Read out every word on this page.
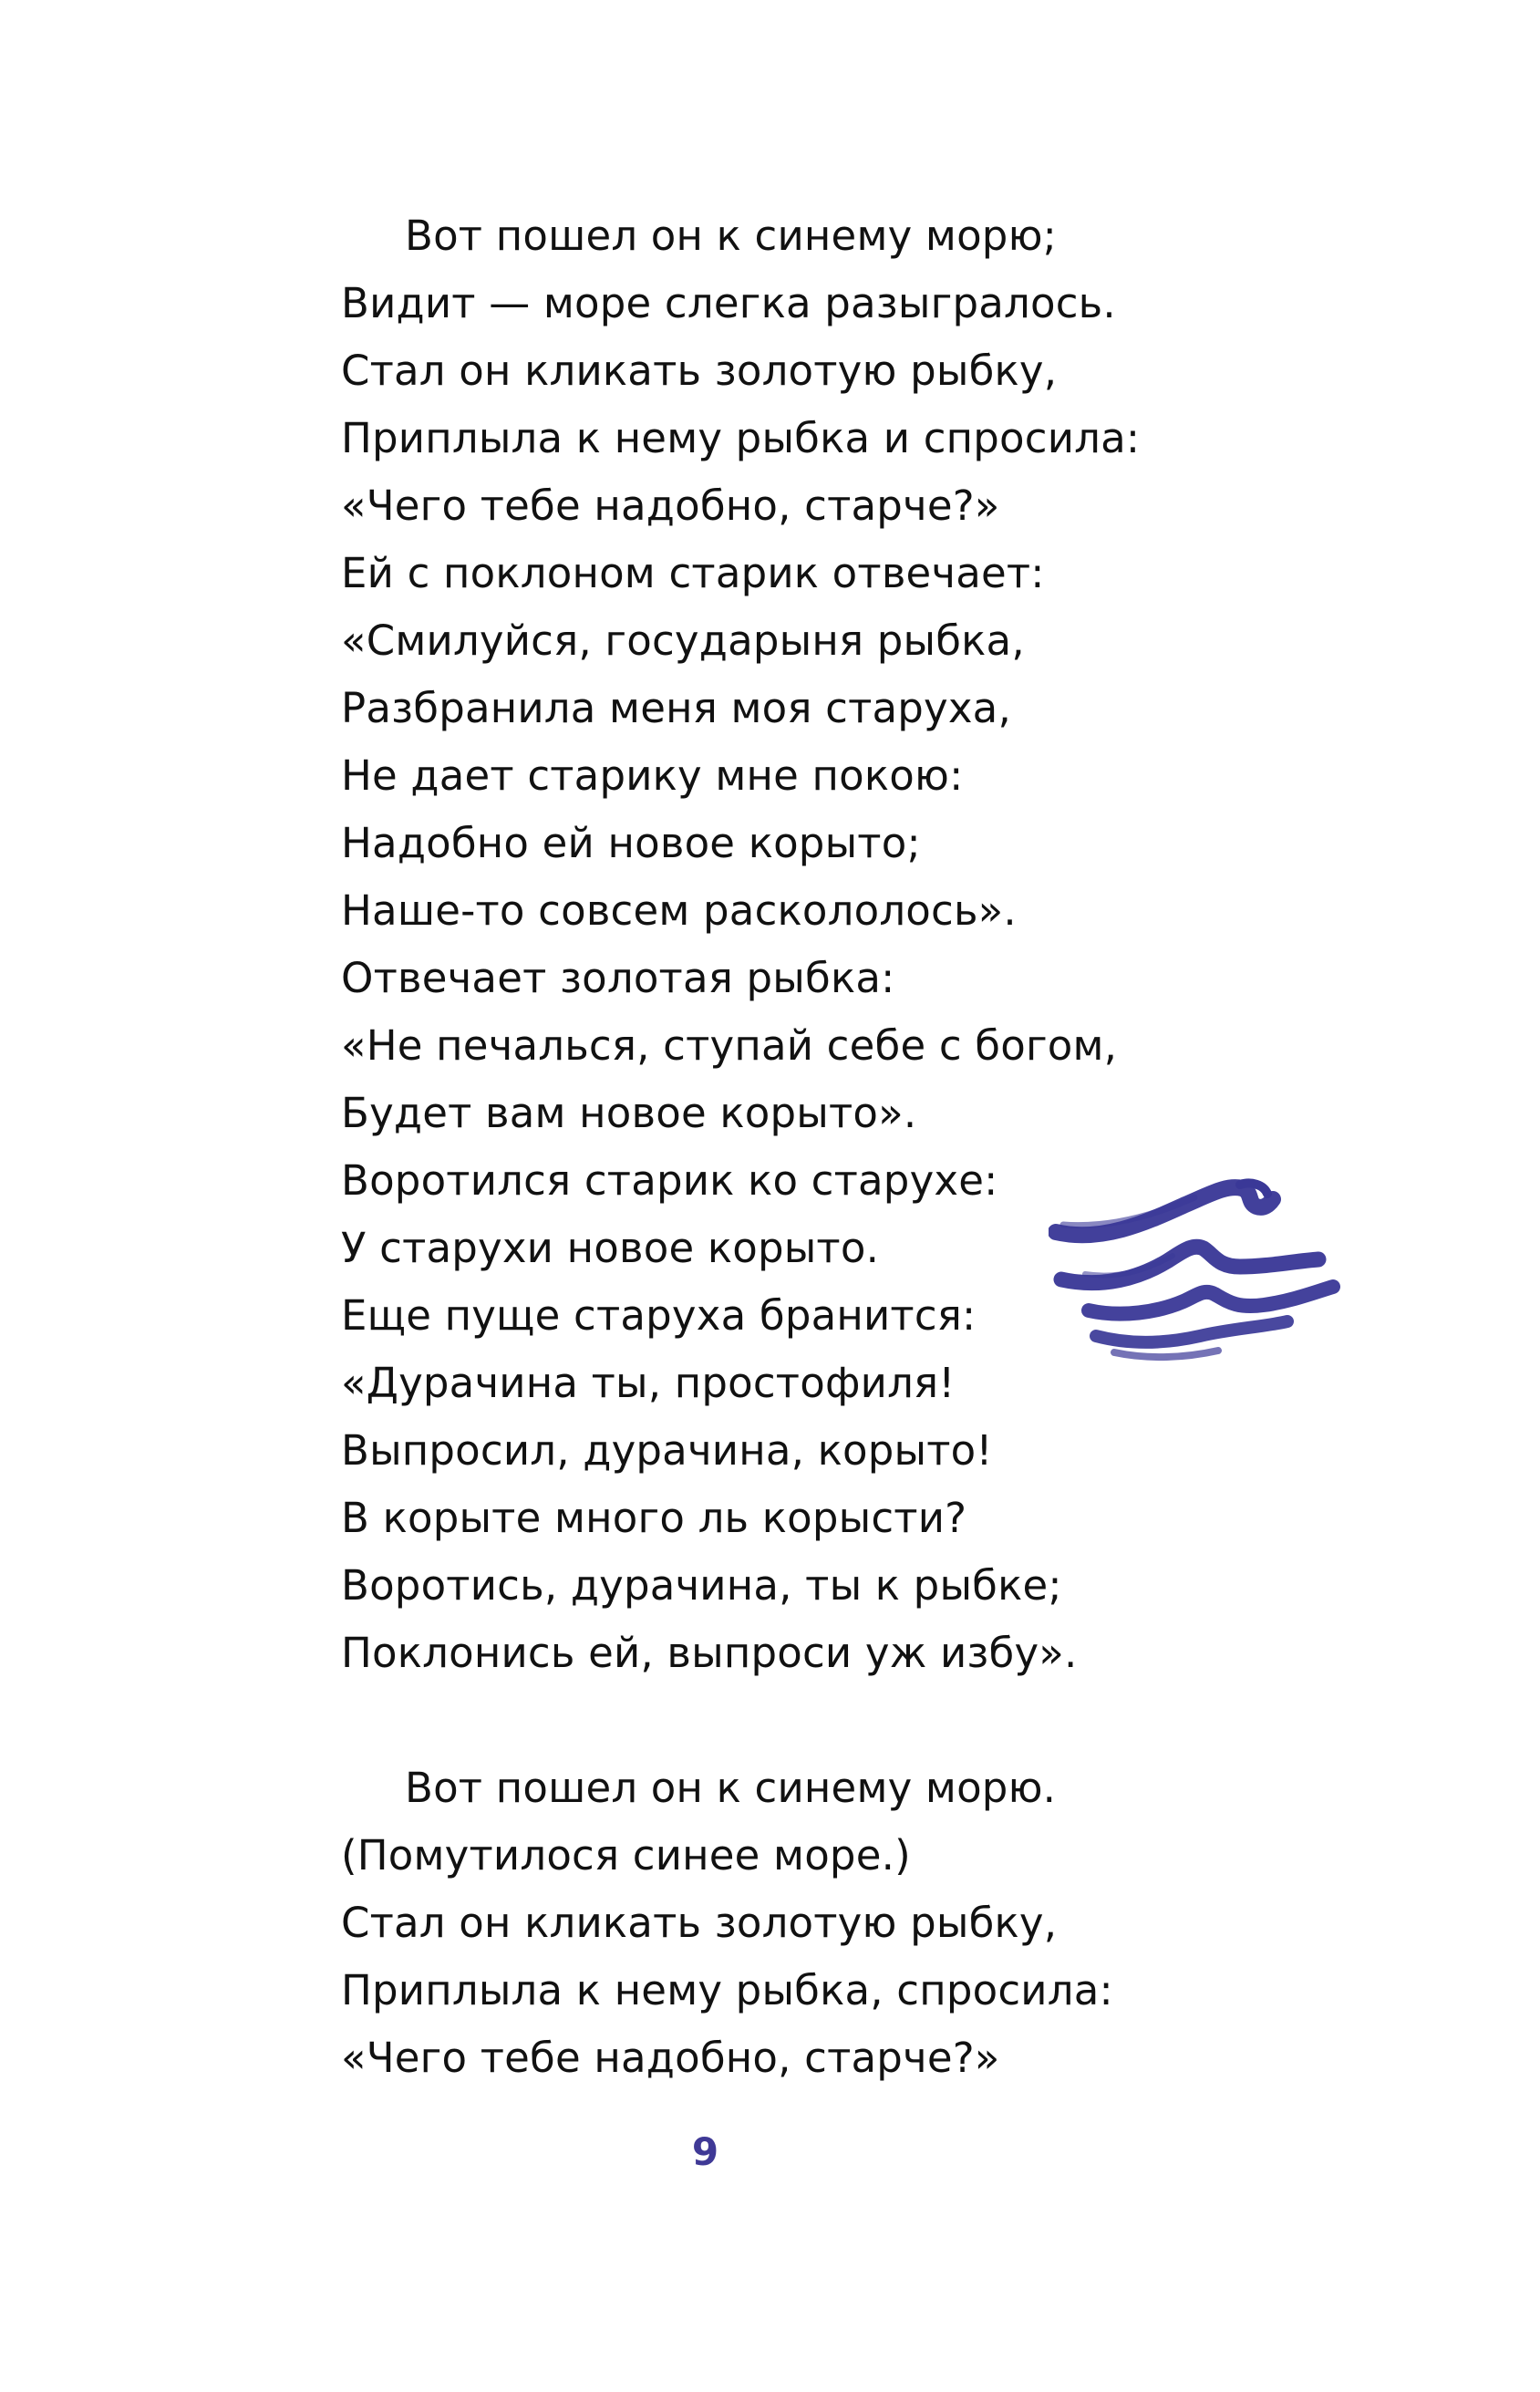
Вот пошел он к синему морю;
Видит — море слегка разыгралось.
Стал он кликать золотую рыбку,
Приплыла к нему рыбка и спросила:
«Чего тебе надобно, старче?»
Ей с поклоном старик отвечает:
«Смилуйся, государыня рыбка,
Разбранила меня моя старуха,
Не дает старику мне покою:
Надобно ей новое корыто;
Наше-то совсем раскололось».
Отвечает золотая рыбка:
«Не печалься, ступай себе с богом,
Будет вам новое корыто».
Воротился старик ко старухе:
У старухи новое корыто.
Еще пуще старуха бранится:
«Дурачина ты, простофиля!
Выпросил, дурачина, корыто!
В корыте много ль корысти?
Воротись, дурачина, ты к рыбке;
Поклонись ей, выпроси уж избу».
Вот пошел он к синему морю.
(Помутилося синее море.)
Стал он кликать золотую рыбку,
Приплыла к нему рыбка, спросила:
«Чего тебе надобно, старче?»
9
